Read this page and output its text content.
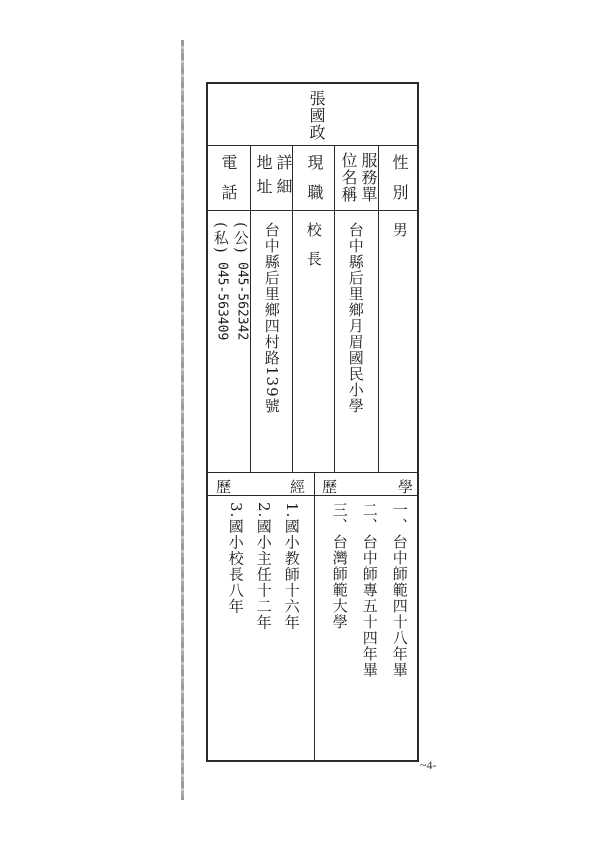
張國政
性別
男
服務單
位名稱
台中縣后里鄉月眉國民小學
現職
校長
詳細
地址
台中縣后里鄉四村路139號
電話
(公)
045-562342
(私)
045-563409
歷	學
歷	經
一、台中師範四十八年畢
二、台中師專五十四年畢
三、台灣師範大學
1.國小教師十六年
2.國小主任十二年
3.國小校長八年
~4-
